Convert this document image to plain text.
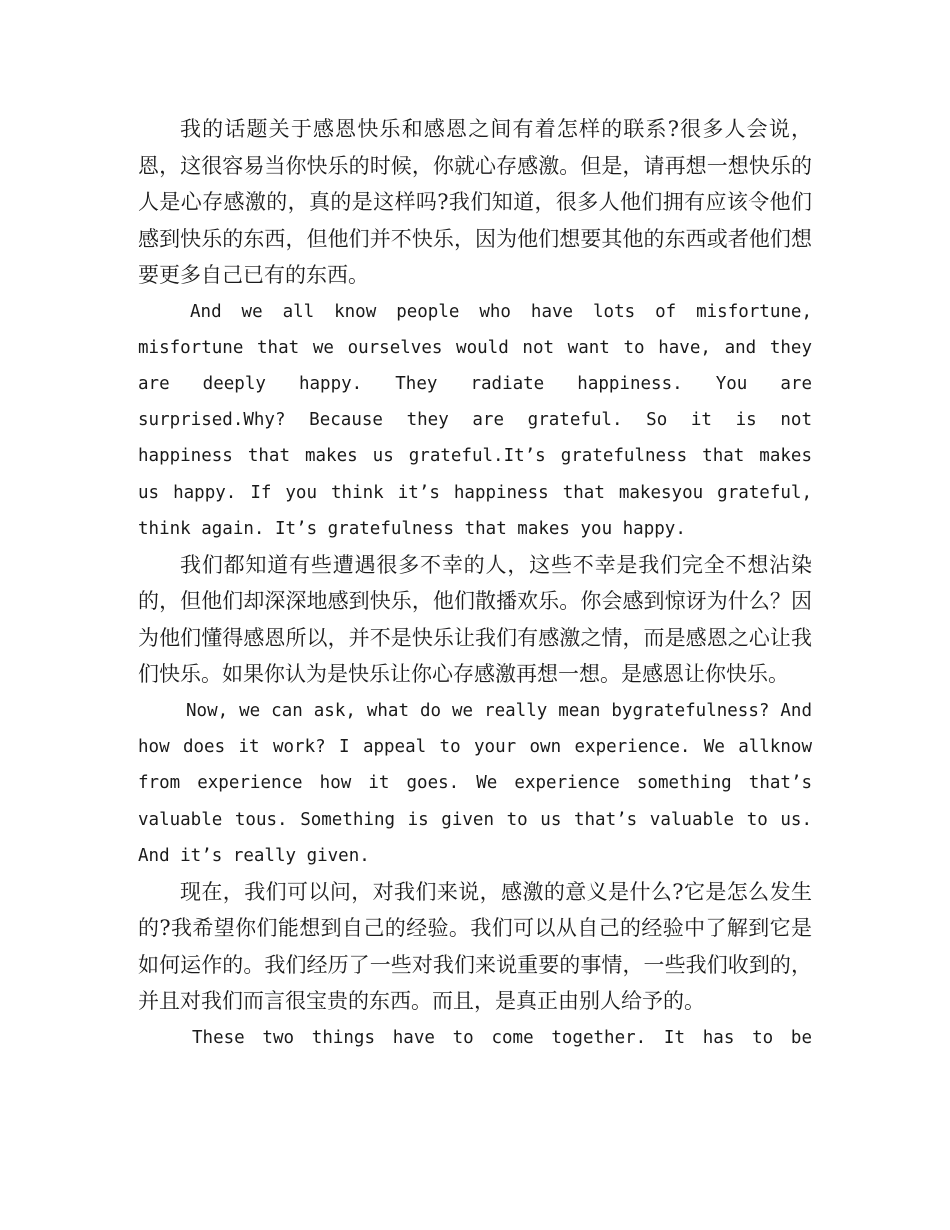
我的话题关于感恩快乐和感恩之间有着怎样的联系?很多人会说，恩，这很容易当你快乐的时候，你就心存感激。但是，请再想一想快乐的人是心存感激的，真的是这样吗?我们知道，很多人他们拥有应该令他们感到快乐的东西，但他们并不快乐，因为他们想要其他的东西或者他们想要更多自己已有的东西。

And we all know people who have lots of misfortune, misfortune that we ourselves would not want to have, and they are deeply happy. They radiate happiness. You are surprised.Why? Because they are grateful. So it is not happiness that makes us grateful.It’s gratefulness that makes us happy. If you think it’s happiness that makesyou grateful, think again. It’s gratefulness that makes you happy.

我们都知道有些遭遇很多不幸的人，这些不幸是我们完全不想沾染的，但他们却深深地感到快乐，他们散播欢乐。你会感到惊讶为什么？因为他们懂得感恩所以，并不是快乐让我们有感激之情，而是感恩之心让我们快乐。如果你认为是快乐让你心存感激再想一想。是感恩让你快乐。

Now, we can ask, what do we really mean bygratefulness? And how does it work? I appeal to your own experience. We allknow from experience how it goes. We experience something that’s valuable tous. Something is given to us that’s valuable to us. And it’s really given.

现在，我们可以问，对我们来说，感激的意义是什么?它是怎么发生的?我希望你们能想到自己的经验。我们可以从自己的经验中了解到它是如何运作的。我们经历了一些对我们来说重要的事情，一些我们收到的，并且对我们而言很宝贵的东西。而且，是真正由别人给予的。

These two things have to come together. It has to be
